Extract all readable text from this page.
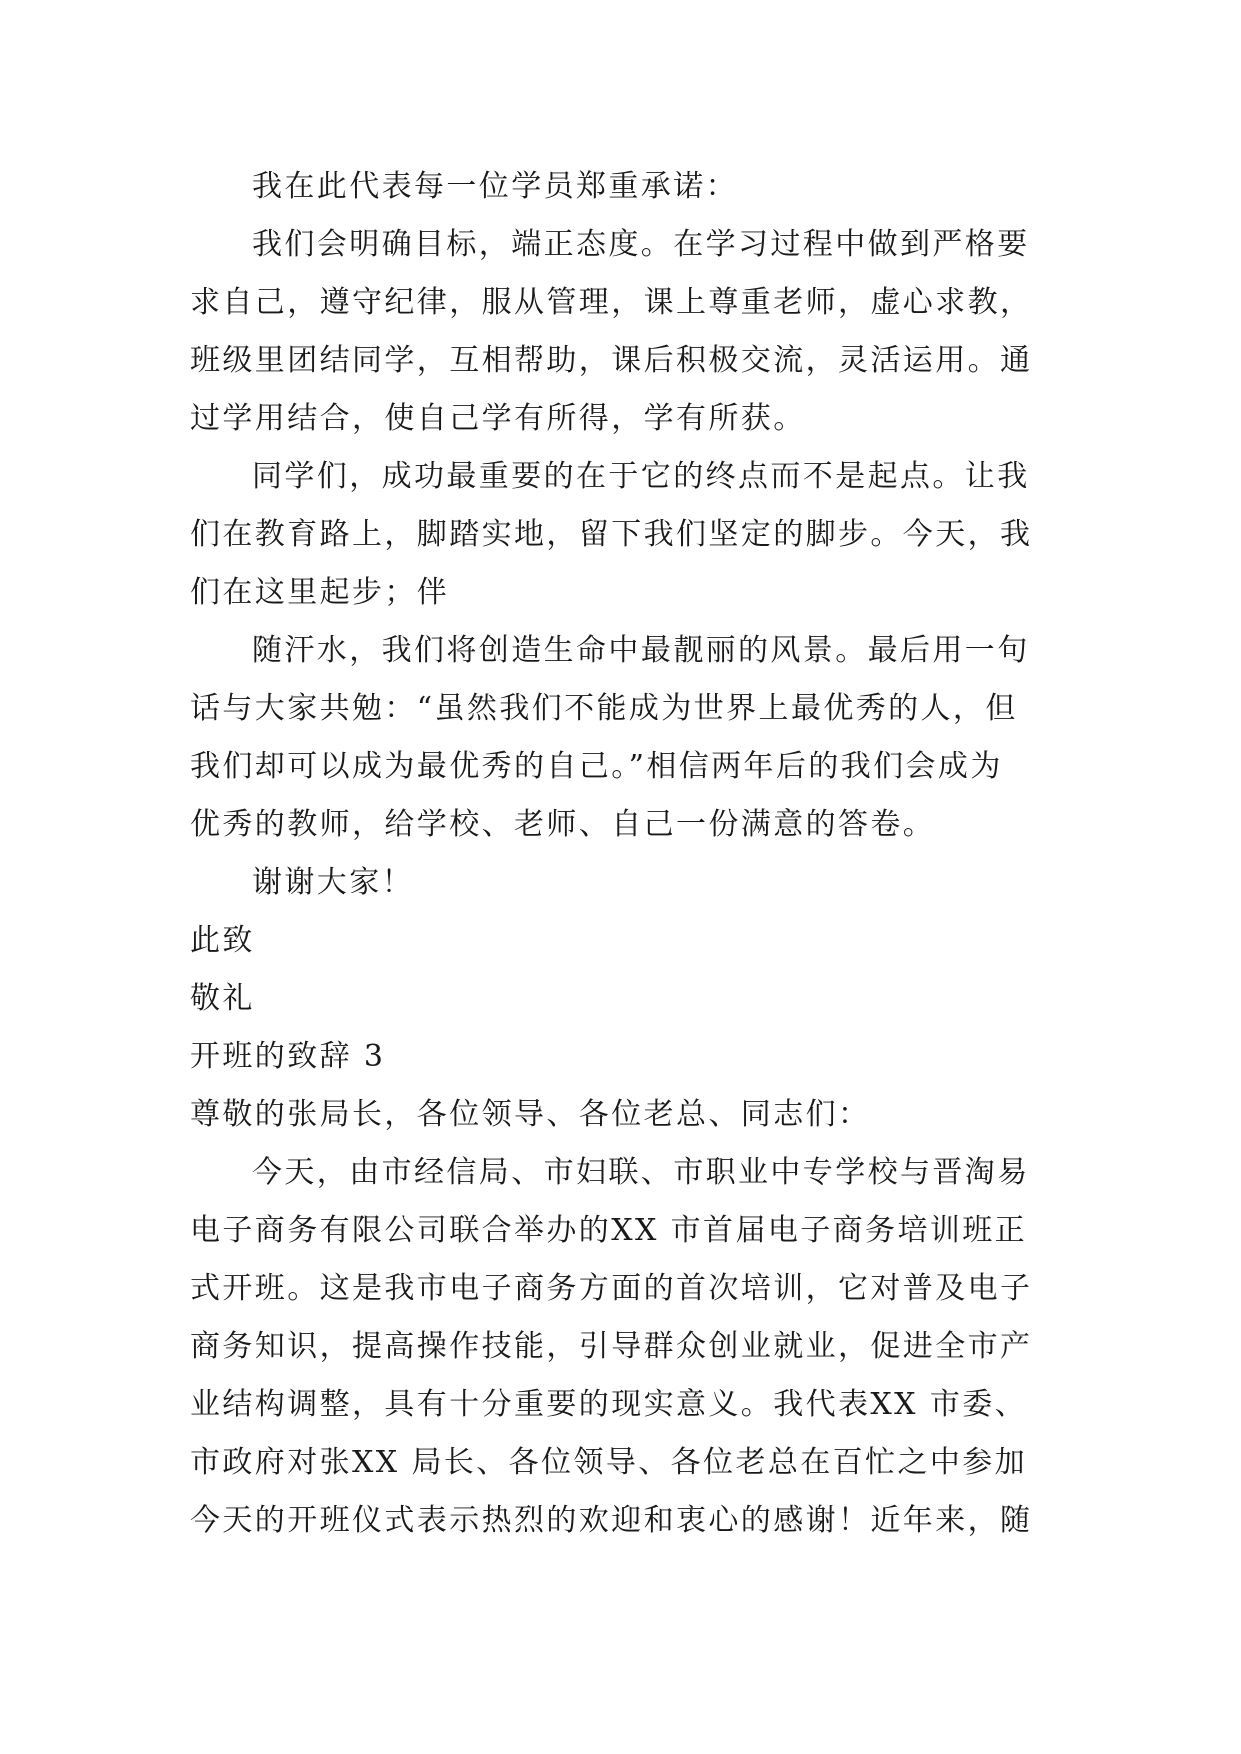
我在此代表每一位学员郑重承诺：
我们会明确目标，端正态度。在学习过程中做到严格要
求自己，遵守纪律，服从管理，课上尊重老师，虚心求教，
班级里团结同学，互相帮助，课后积极交流，灵活运用。通
过学用结合，使自己学有所得，学有所获。
同学们，成功最重要的在于它的终点而不是起点。让我
们在教育路上，脚踏实地，留下我们坚定的脚步。今天，我
们在这里起步；伴
随汗水，我们将创造生命中最靓丽的风景。最后用一句
话与大家共勉：“虽然我们不能成为世界上最优秀的人，但
我们却可以成为最优秀的自己。”相信两年后的我们会成为
优秀的教师，给学校、老师、自己一份满意的答卷。
谢谢大家！
此致
敬礼
开班的致辞 3
尊敬的张局长，各位领导、各位老总、同志们：
今天，由市经信局、市妇联、市职业中专学校与晋淘易
电子商务有限公司联合举办的XX 市首届电子商务培训班正
式开班。这是我市电子商务方面的首次培训，它对普及电子
商务知识，提高操作技能，引导群众创业就业，促进全市产
业结构调整，具有十分重要的现实意义。我代表XX 市委、
市政府对张XX 局长、各位领导、各位老总在百忙之中参加
今天的开班仪式表示热烈的欢迎和衷心的感谢！近年来，随
